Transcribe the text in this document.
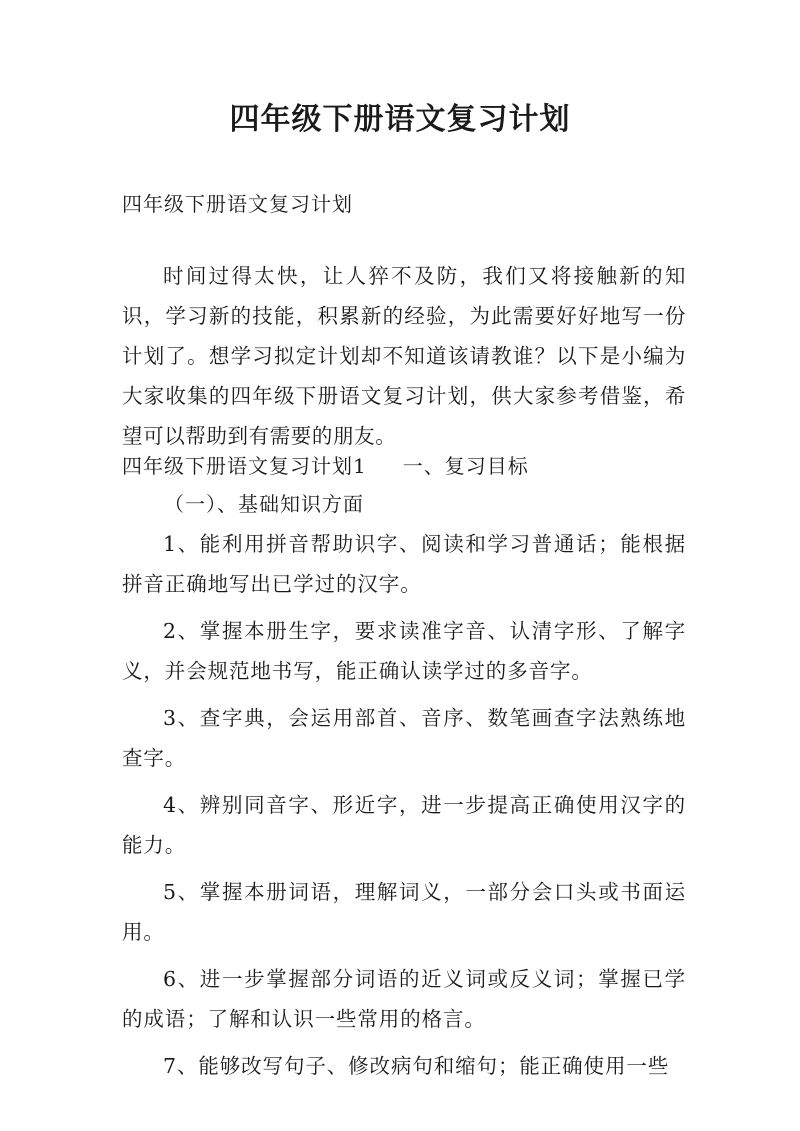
四年级下册语文复习计划
四年级下册语文复习计划
时间过得太快，让人猝不及防，我们又将接触新的知识，学习新的技能，积累新的经验，为此需要好好地写一份计划了。想学习拟定计划却不知道该请教谁？以下是小编为大家收集的四年级下册语文复习计划，供大家参考借鉴，希望可以帮助到有需要的朋友。
四年级下册语文复习计划1 一、复习目标
（一）、基础知识方面

1、能利用拼音帮助识字、阅读和学习普通话；能根据拼音正确地写出已学过的汉字。

2、掌握本册生字，要求读准字音、认清字形、了解字义，并会规范地书写，能正确认读学过的多音字。

3、查字典，会运用部首、音序、数笔画查字法熟练地查字。

4、辨别同音字、形近字，进一步提高正确使用汉字的能力。

5、掌握本册词语，理解词义，一部分会口头或书面运用。

6、进一步掌握部分词语的近义词或反义词；掌握已学的成语；了解和认识一些常用的格言。

7、能够改写句子、修改病句和缩句；能正确使用一些
